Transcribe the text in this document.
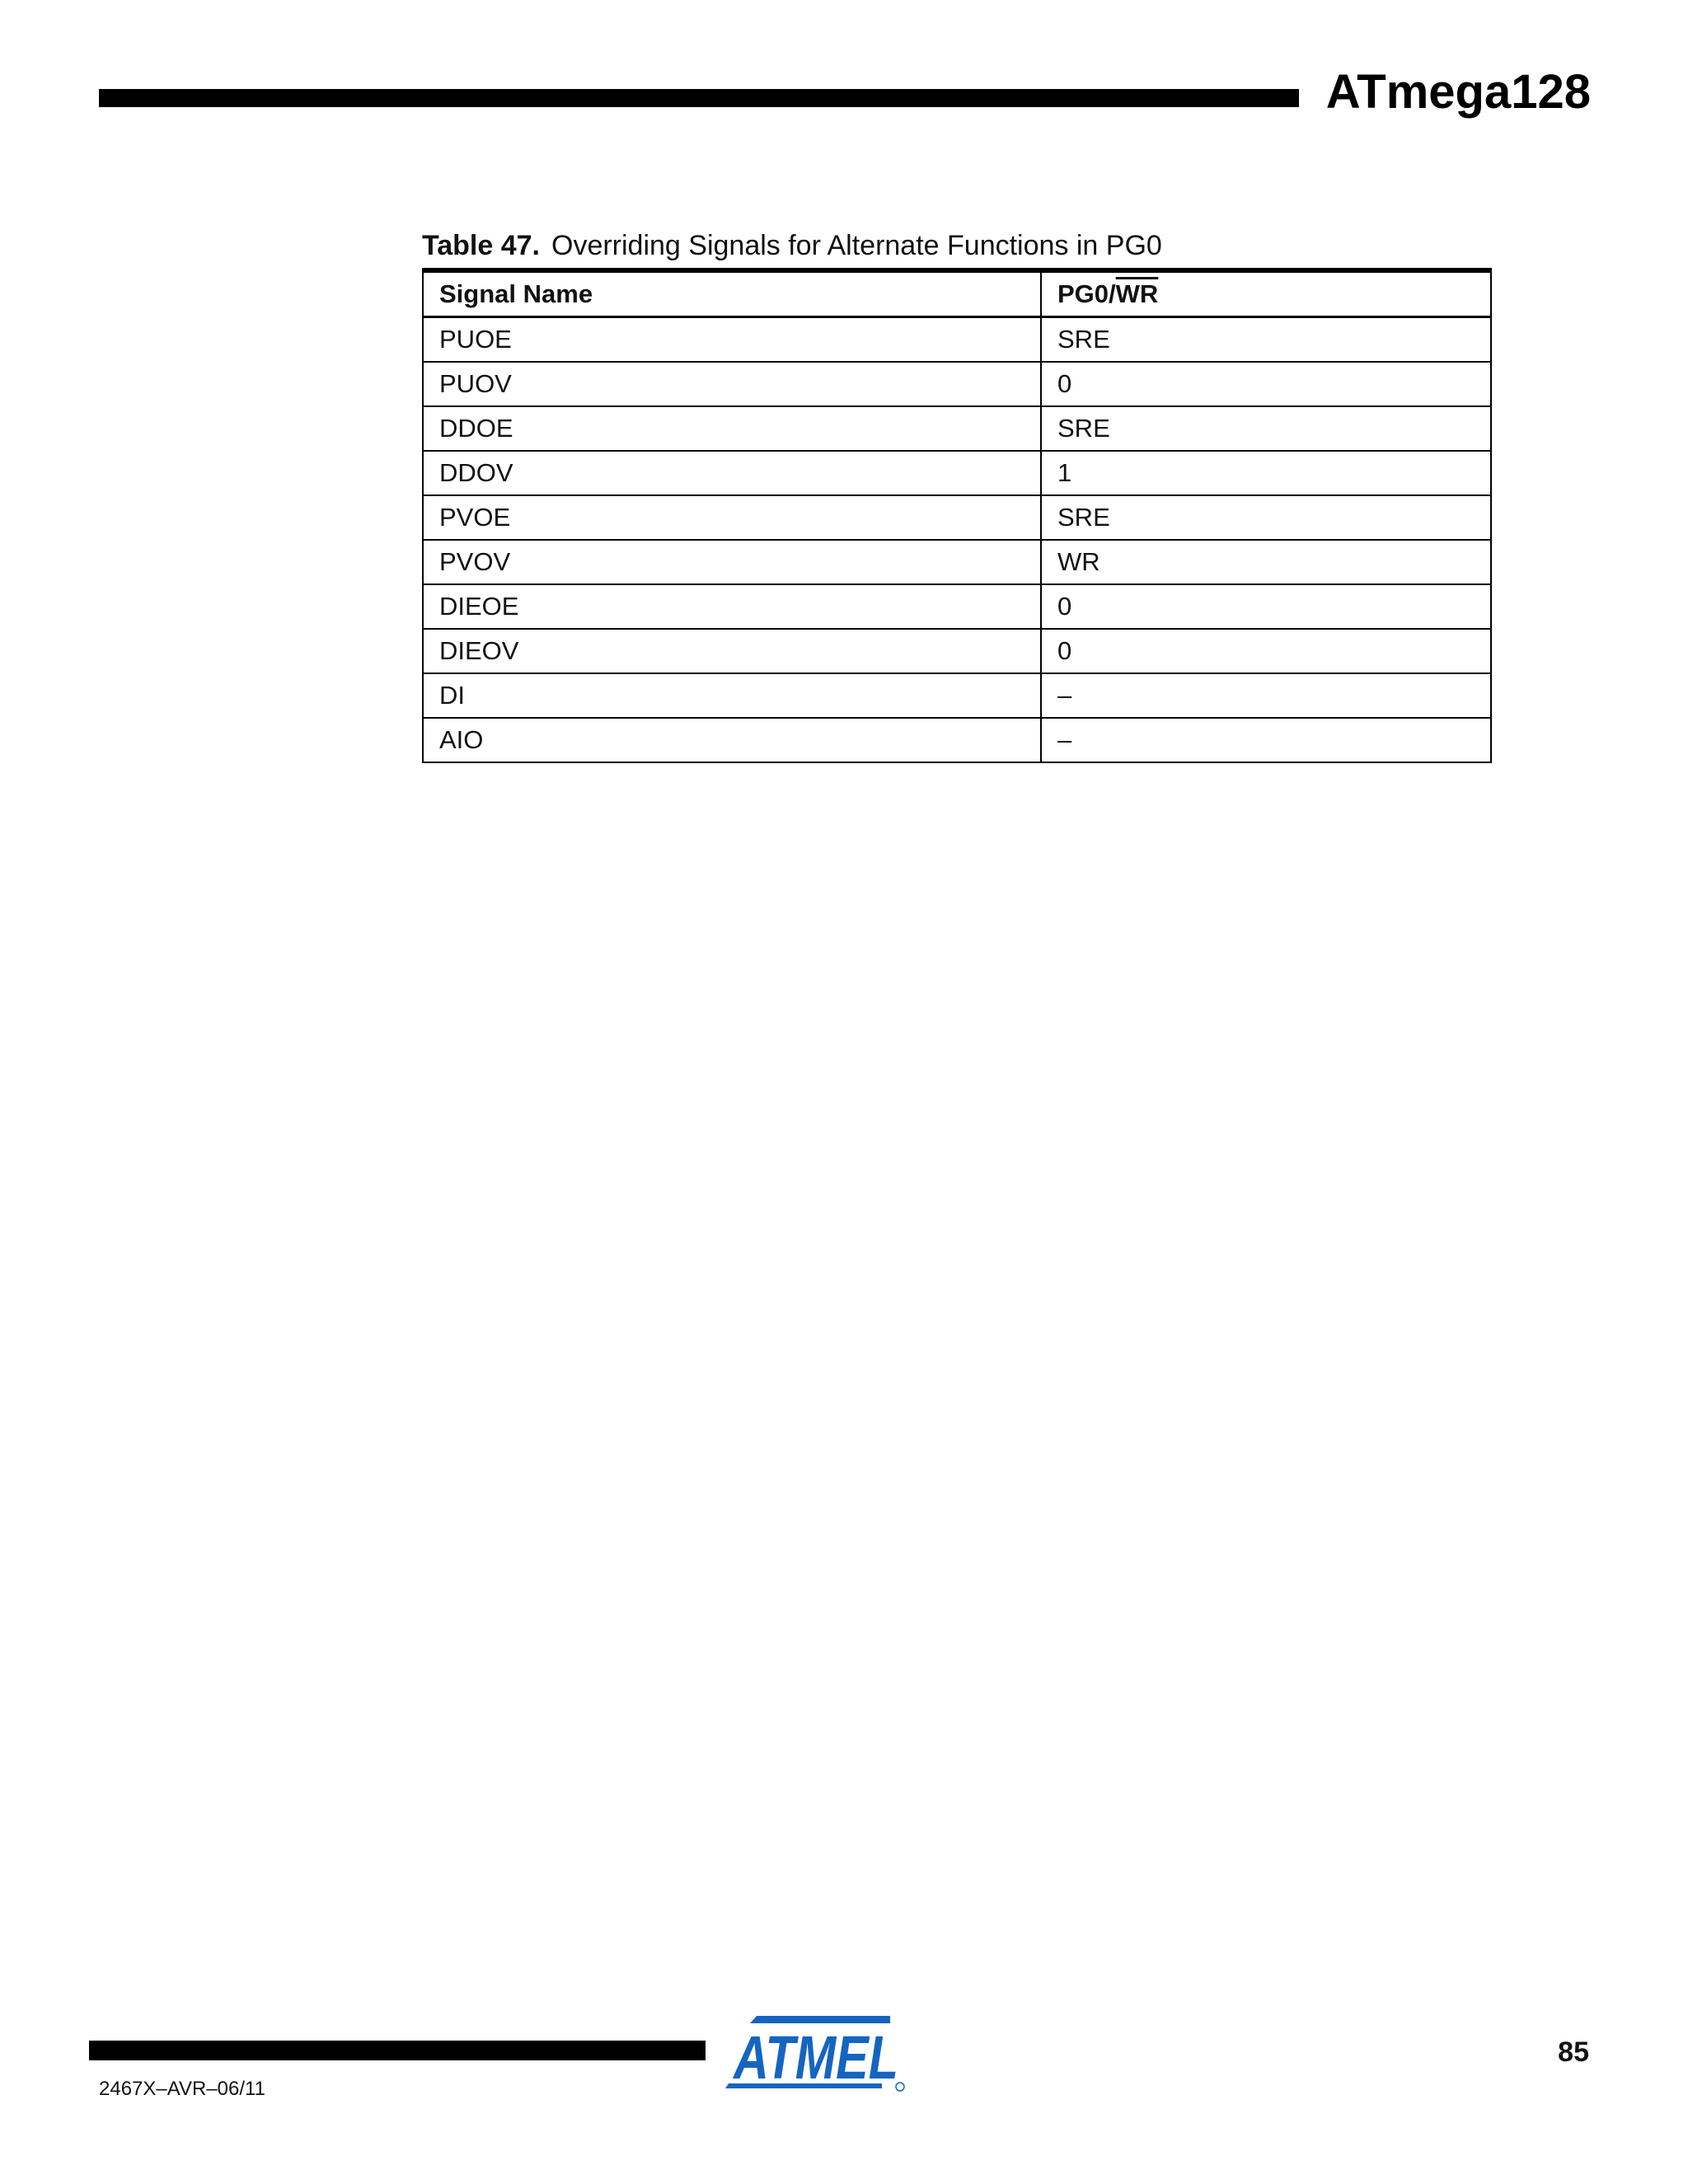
ATmega128
Table 47. Overriding Signals for Alternate Functions in PG0
Signal Name	$PG0/\overline{WR}$
PUOE	SRE
PUOV	0
DDOE	SRE
DDOV	1
PVOE	SRE
PVOV	WR
DIEOE	0
DIEOV	0
DI	–
AIO	–
ATMEL
2467X–AVR–06/11
85
